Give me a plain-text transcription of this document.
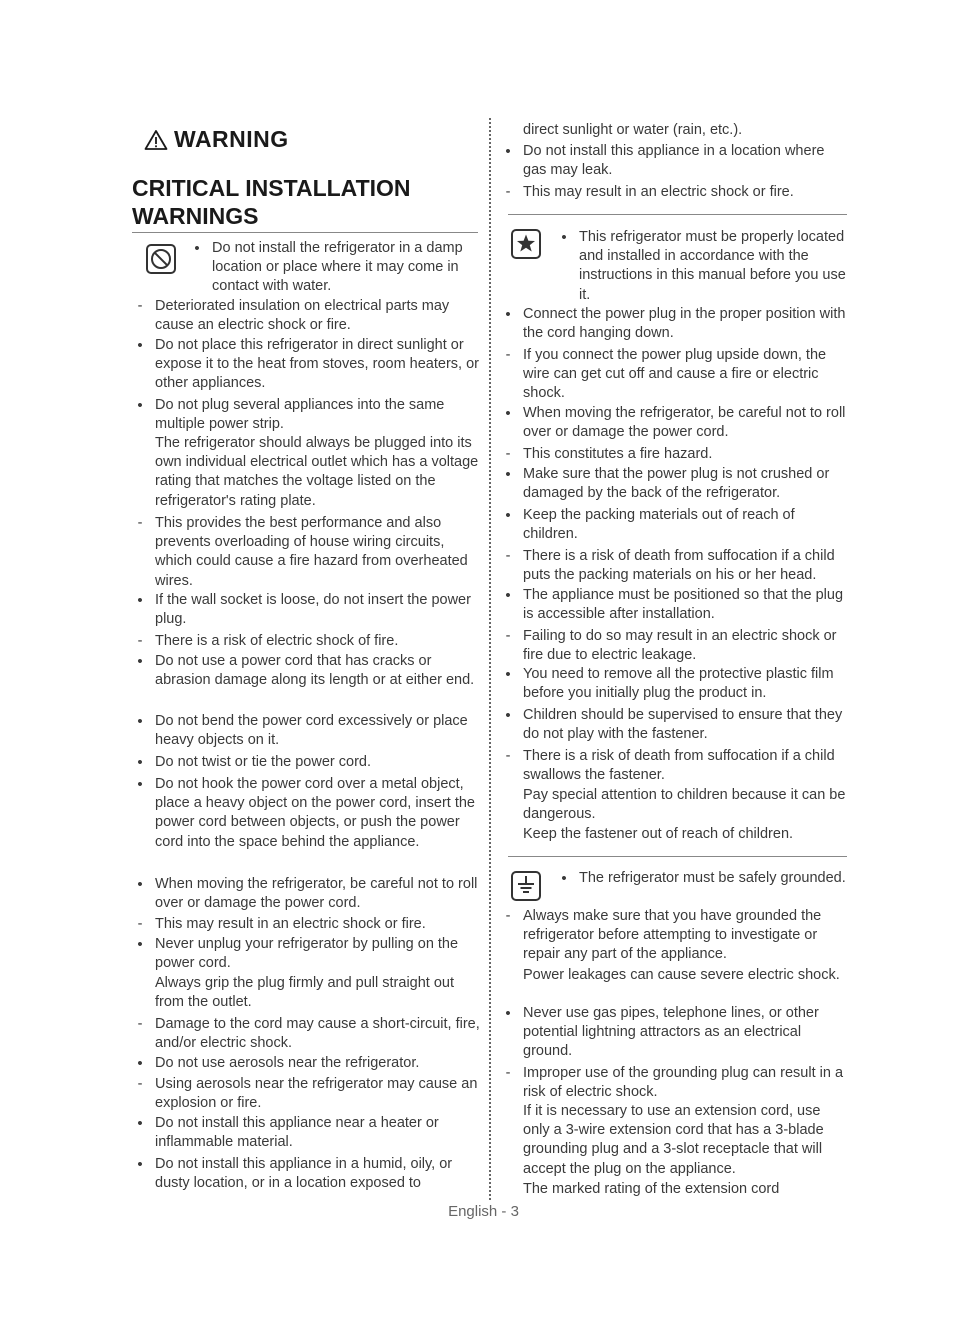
WARNING
CRITICAL INSTALLATION WARNINGS
•
Do not install the refrigerator in a damp location or place where it may come in contact with water.
-
Deteriorated insulation on electrical parts may cause an electric shock or fire.
•
Do not place this refrigerator in direct sunlight or expose it to the heat from stoves, room heaters, or other appliances.
•
Do not plug several appliances into the same multiple power strip.
The refrigerator should always be plugged into its own individual electrical outlet which has a voltage rating that matches the voltage listed on the refrigerator's rating plate.
-
This provides the best performance and also prevents overloading of house wiring circuits, which could cause a fire hazard from overheated wires.
•
If the wall socket is loose, do not insert the power plug.
-
There is a risk of electric shock of fire.
•
Do not use a power cord that has cracks or abrasion damage along its length or at either end.
•
Do not bend the power cord excessively or place heavy objects on it.
•
Do not twist or tie the power cord.
•
Do not hook the power cord over a metal object, place a heavy object on the power cord, insert the power cord between objects, or push the power cord into the space behind the appliance.
•
When moving the refrigerator, be careful not to roll over or damage the power cord.
-
This may result in an electric shock or fire.
•
Never unplug your refrigerator by pulling on the power cord.
Always grip the plug firmly and pull straight out from the outlet.
-
Damage to the cord may cause a short-circuit, fire, and/or electric shock.
•
Do not use aerosols near the refrigerator.
-
Using aerosols near the refrigerator may cause an explosion or fire.
•
Do not install this appliance near a heater or inflammable material.
•
Do not install this appliance in a humid, oily, or dusty location, or in a location exposed to
direct sunlight or water (rain, etc.).
•
Do not install this appliance in a location where gas may leak.
-
This may result in an electric shock or fire.
•
This refrigerator must be properly located and installed in accordance with the instructions in this manual before you use it.
•
Connect the power plug in the proper position with the cord hanging down.
-
If you connect the power plug upside down, the wire can get cut off and cause a fire or electric shock.
•
When moving the refrigerator, be careful not to roll over or damage the power cord.
-
This constitutes a fire hazard.
•
Make sure that the power plug is not crushed or damaged by the back of the refrigerator.
•
Keep the packing materials out of reach of children.
-
There is a risk of death from suffocation if a child puts the packing materials on his or her head.
•
The appliance must be positioned so that the plug is accessible after installation.
-
Failing to do so may result in an electric shock or fire due to electric leakage.
•
You need to remove all the protective plastic film before you initially plug the product in.
•
Children should be supervised to ensure that they do not play with the fastener.
-
There is a risk of death from suffocation if a child swallows the fastener.
Pay special attention to children because it can be dangerous.
Keep the fastener out of reach of children.
•
The refrigerator must be safely grounded.
-
Always make sure that you have grounded the refrigerator before attempting to investigate or repair any part of the appliance.
Power leakages can cause severe electric shock.
•
Never use gas pipes, telephone lines, or other potential lightning attractors as an electrical ground.
-
Improper use of the grounding plug can result in a risk of electric shock.
If it is necessary to use an extension cord, use only a 3-wire extension cord that has a 3-blade grounding plug and a 3-slot receptacle that will accept the plug on the appliance.
The marked rating of the extension cord
English - 3
